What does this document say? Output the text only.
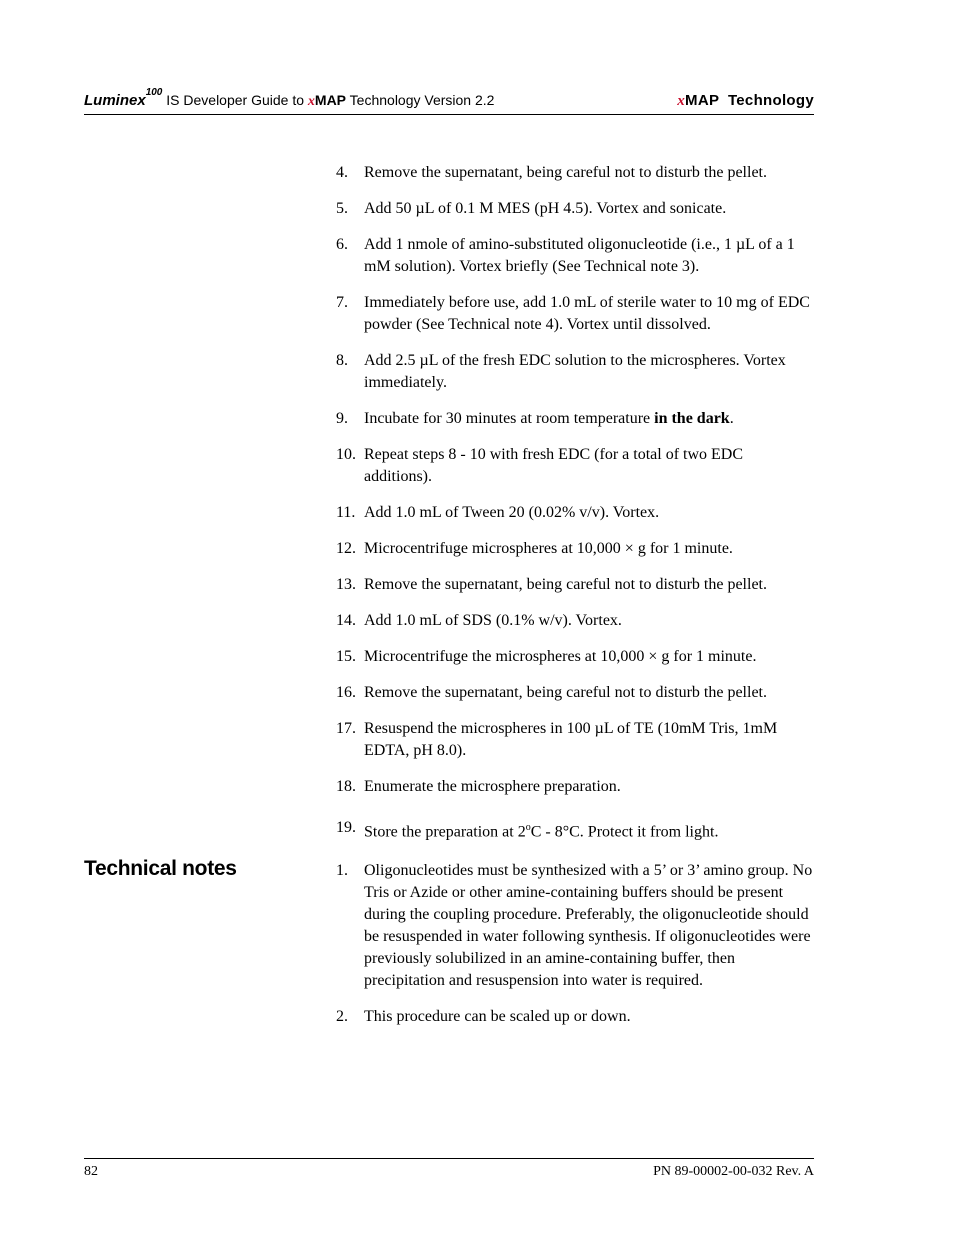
Luminex$^{100}$ IS Developer Guide to xMAP Technology Version 2.2	xMAP  Technology
4. Remove the supernatant, being careful not to disturb the pellet.
5. Add 50 µL of 0.1 M MES (pH 4.5). Vortex and sonicate.
6. Add 1 nmole of amino-substituted oligonucleotide (i.e., 1 µL of a 1 mM solution). Vortex briefly (See Technical note 3).
7. Immediately before use, add 1.0 mL of sterile water to 10 mg of EDC powder (See Technical note 4). Vortex until dissolved.
8. Add 2.5 µL of the fresh EDC solution to the microspheres. Vortex immediately.
9. Incubate for 30 minutes at room temperature in the dark.
10. Repeat steps 8 - 10 with fresh EDC (for a total of two EDC additions).
11. Add 1.0 mL of Tween 20 (0.02% v/v). Vortex.
12. Microcentrifuge microspheres at 10,000 × g for 1 minute.
13. Remove the supernatant, being careful not to disturb the pellet.
14. Add 1.0 mL of SDS (0.1% w/v). Vortex.
15. Microcentrifuge the microspheres at 10,000 × g for 1 minute.
16. Remove the supernatant, being careful not to disturb the pellet.
17. Resuspend the microspheres in 100 µL of TE (10mM Tris, 1mM EDTA, pH 8.0).
18. Enumerate the microsphere preparation.
19. Store the preparation at 2$^o$C - 8°C. Protect it from light.
Technical notes	1. Oligonucleotides must be synthesized with a 5’ or 3’ amino group. No Tris or Azide or other amine-containing buffers should be present during the coupling procedure. Preferably, the oligonucleotide should be resuspended in water following synthesis. If oligonucleotides were previously solubilized in an amine-containing buffer, then precipitation and resuspension into water is required.
2. This procedure can be scaled up or down.
82	PN 89-00002-00-032 Rev. A
